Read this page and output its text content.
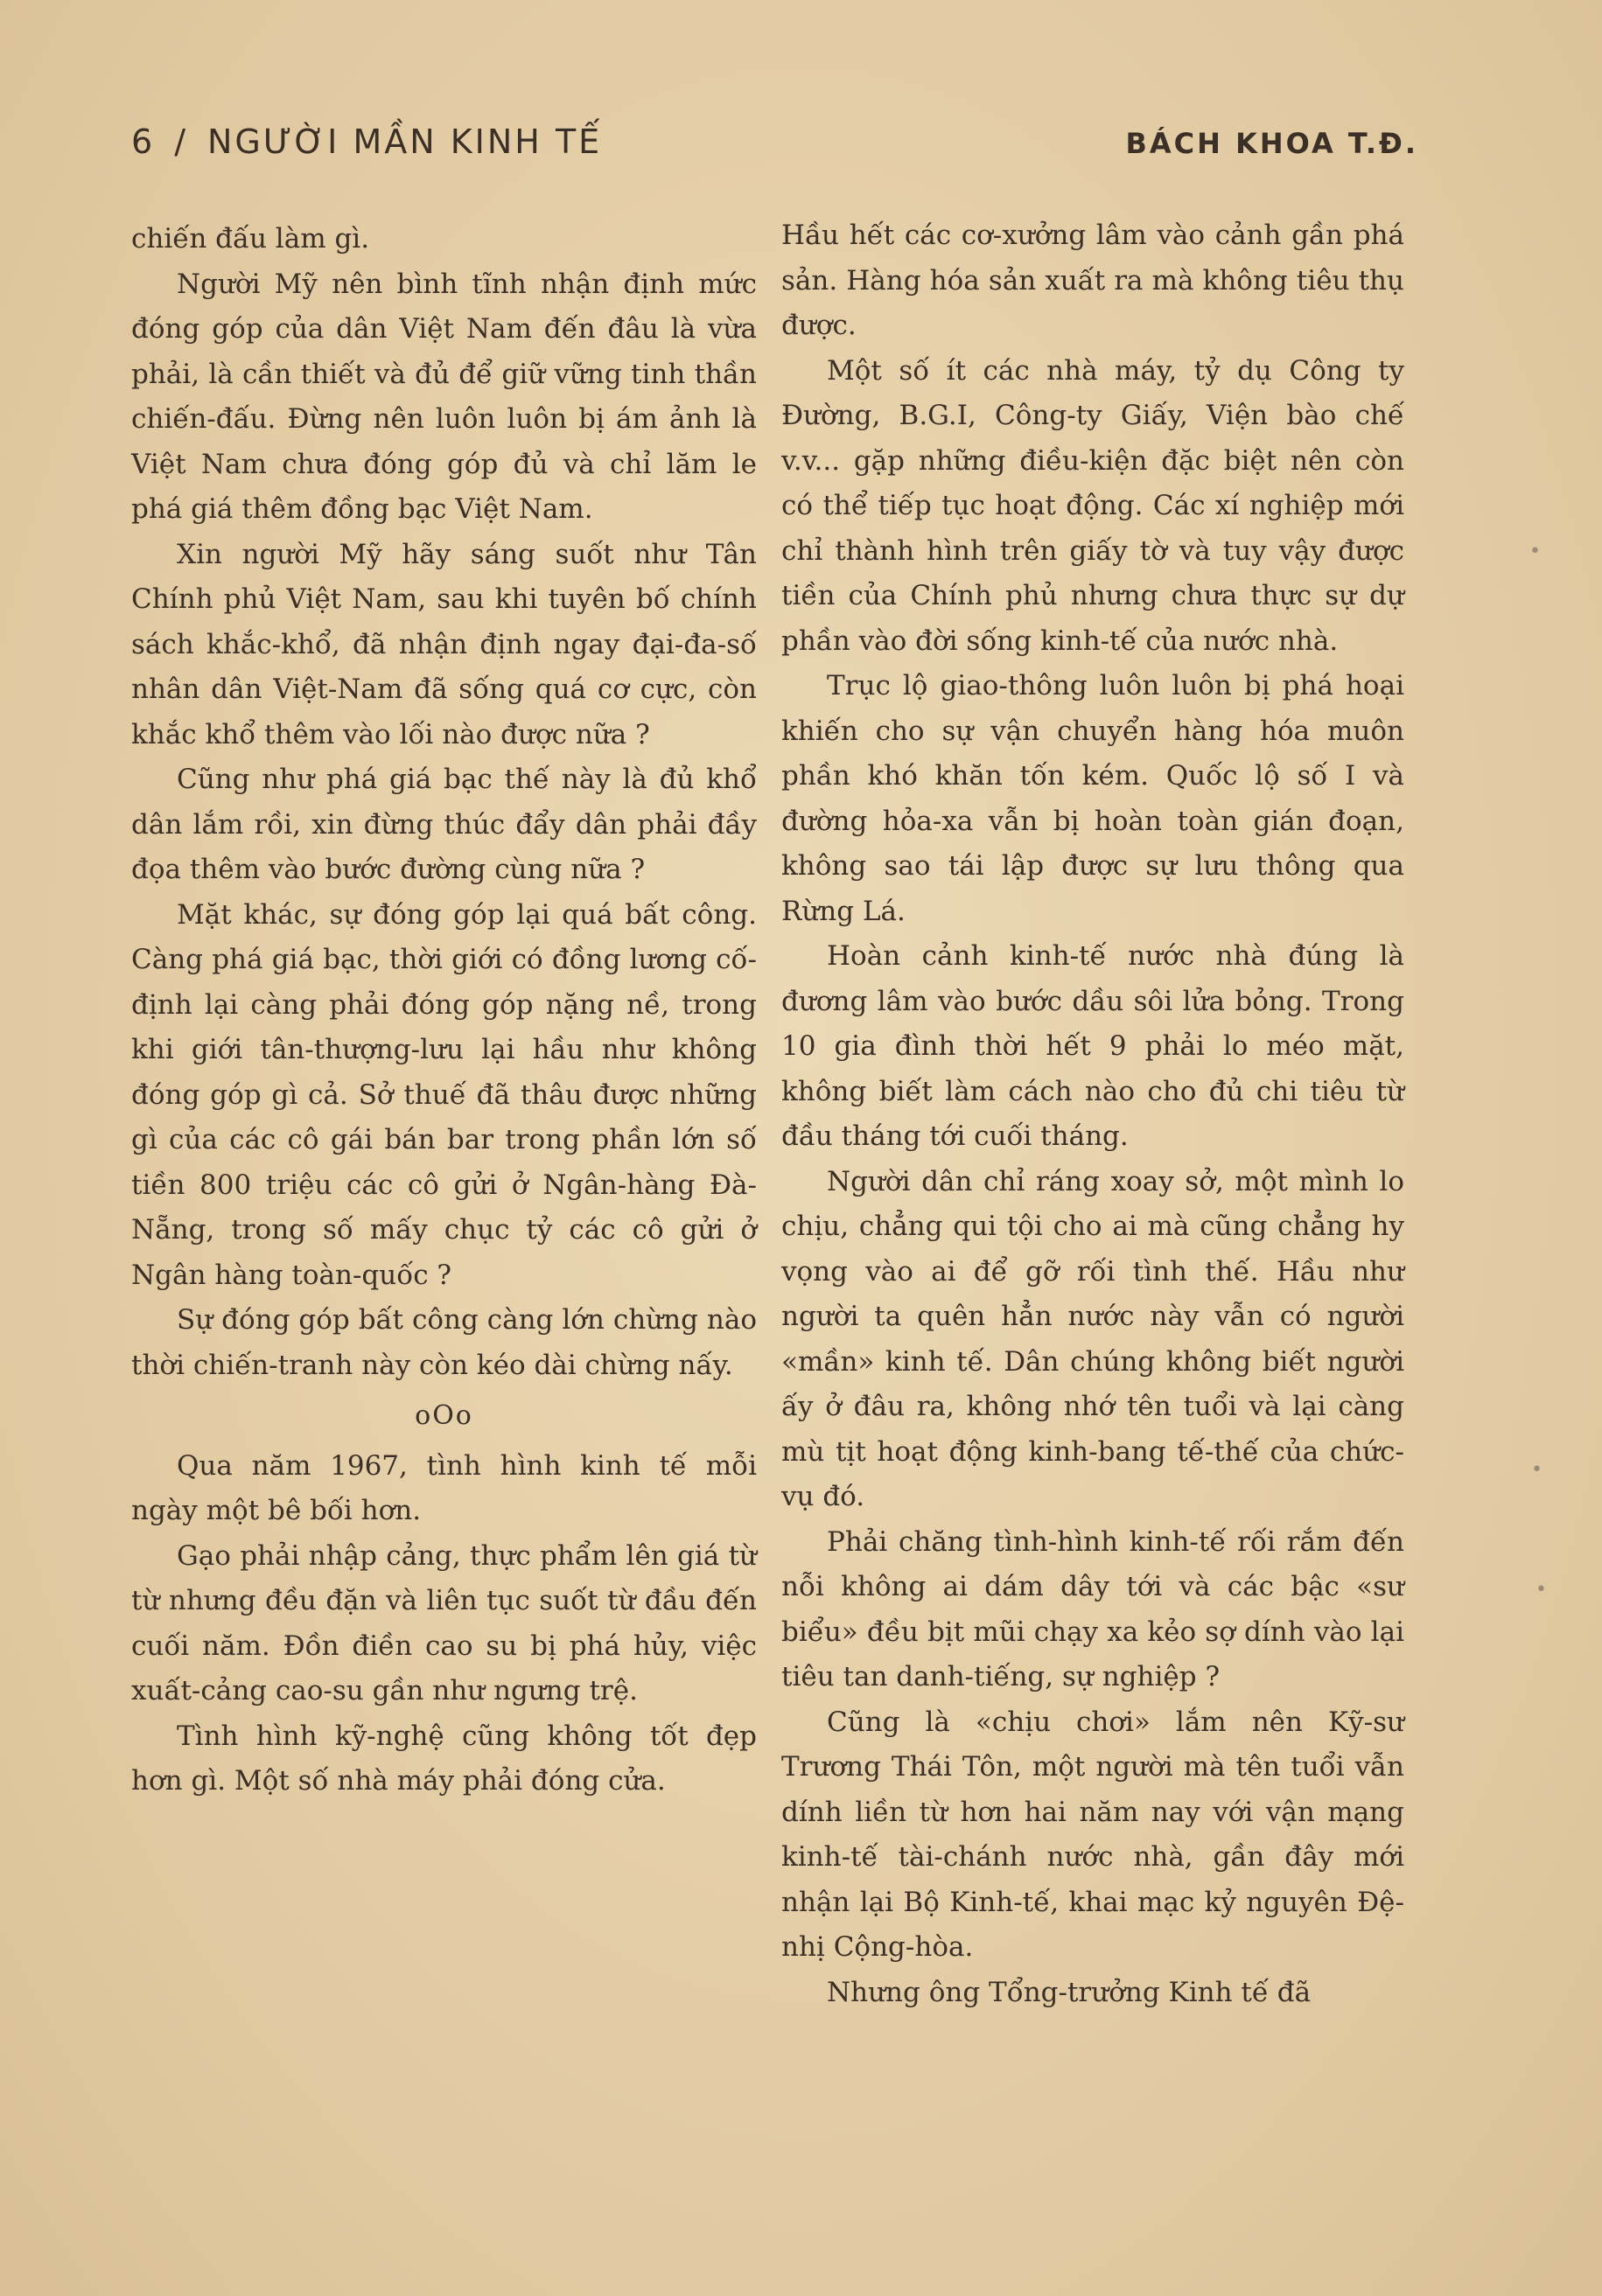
6 / NGƯỜI MẦN KINH TẾ	BÁCH KHOA T.Đ.

chiến đấu làm gì.

Người Mỹ nên bình tĩnh nhận định mức đóng góp của dân Việt Nam đến đâu là vừa phải, là cần thiết và đủ để giữ vững tinh thần chiến-đấu. Đừng nên luôn luôn bị ám ảnh là Việt Nam chưa đóng góp đủ và chỉ lăm le phá giá thêm đồng bạc Việt Nam.

Xin người Mỹ hãy sáng suốt như Tân Chính phủ Việt Nam, sau khi tuyên bố chính sách khắc-khổ, đã nhận định ngay đại-đa-số nhân dân Việt-Nam đã sống quá cơ cực, còn khắc khổ thêm vào lối nào được nữa ?

Cũng như phá giá bạc thế này là đủ khổ dân lắm rồi, xin đừng thúc đẩy dân phải đầy đọa thêm vào bước đường cùng nữa ?

Mặt khác, sự đóng góp lại quá bất công. Càng phá giá bạc, thời giới có đồng lương cố-định lại càng phải đóng góp nặng nề, trong khi giới tân-thượng-lưu lại hầu như không đóng góp gì cả. Sở thuế đã thâu được những gì của các cô gái bán bar trong phần lớn số tiền 800 triệu các cô gửi ở Ngân-hàng Đà-Nẵng, trong số mấy chục tỷ các cô gửi ở Ngân hàng toàn-quốc ?

Sự đóng góp bất công càng lớn chừng nào thời chiến-tranh này còn kéo dài chừng nấy.

oOo

Qua năm 1967, tình hình kinh tế mỗi ngày một bê bối hơn.

Gạo phải nhập cảng, thực phẩm lên giá từ từ nhưng đều đặn và liên tục suốt từ đầu đến cuối năm. Đồn điền cao su bị phá hủy, việc xuất-cảng cao-su gần như ngưng trệ.

Tình hình kỹ-nghệ cũng không tốt đẹp hơn gì. Một số nhà máy phải đóng cửa.

Hầu hết các cơ-xưởng lâm vào cảnh gần phá sản. Hàng hóa sản xuất ra mà không tiêu thụ được.

Một số ít các nhà máy, tỷ dụ Công ty Đường, B.G.I, Công-ty Giấy, Viện bào chế v.v... gặp những điều-kiện đặc biệt nên còn có thể tiếp tục hoạt động. Các xí nghiệp mới chỉ thành hình trên giấy tờ và tuy vậy được tiền của Chính phủ nhưng chưa thực sự dự phần vào đời sống kinh-tế của nước nhà.

Trục lộ giao-thông luôn luôn bị phá hoại khiến cho sự vận chuyển hàng hóa muôn phần khó khăn tốn kém. Quốc lộ số I và đường hỏa-xa vẫn bị hoàn toàn gián đoạn, không sao tái lập được sự lưu thông qua Rừng Lá.

Hoàn cảnh kinh-tế nước nhà đúng là đương lâm vào bước dầu sôi lửa bỏng. Trong 10 gia đình thời hết 9 phải lo méo mặt, không biết làm cách nào cho đủ chi tiêu từ đầu tháng tới cuối tháng.

Người dân chỉ ráng xoay sở, một mình lo chịu, chẳng qui tội cho ai mà cũng chẳng hy vọng vào ai để gỡ rối tình thế. Hầu như người ta quên hẳn nước này vẫn có người «mần» kinh tế. Dân chúng không biết người ấy ở đâu ra, không nhớ tên tuổi và lại càng mù tịt hoạt động kinh-bang tế-thế của chức-vụ đó.

Phải chăng tình-hình kinh-tế rối rắm đến nỗi không ai dám dây tới và các bậc «sư biểu» đều bịt mũi chạy xa kẻo sợ dính vào lại tiêu tan danh-tiếng, sự nghiệp ?

Cũng là «chịu chơi» lắm nên Kỹ-sư Trương Thái Tôn, một người mà tên tuổi vẫn dính liền từ hơn hai năm nay với vận mạng kinh-tế tài-chánh nước nhà, gần đây mới nhận lại Bộ Kinh-tế, khai mạc kỷ nguyên Đệ-nhị Cộng-hòa.

Nhưng ông Tổng-trưởng Kinh tế đã

•
•
•
